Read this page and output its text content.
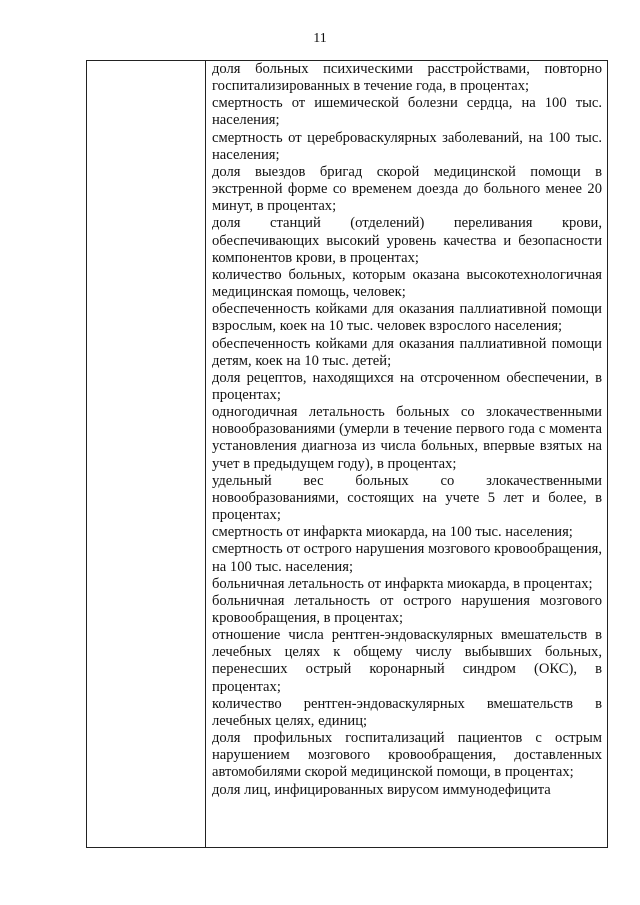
11

доля больных психическими расстройствами, повторно госпитализированных в течение года, в процентах;

смертность от ишемической болезни сердца, на 100 тыс. населения;

смертность от цереброваскулярных заболеваний, на 100 тыс. населения;

доля выездов бригад скорой медицинской помощи в экстренной форме со временем доезда до больного менее 20 минут, в процентах;

доля станций (отделений) переливания крови, обеспечивающих высокий уровень качества и безопасности компонентов крови, в процентах;

количество больных, которым оказана высокотехнологичная медицинская помощь, человек;

обеспеченность койками для оказания паллиативной помощи взрослым, коек на 10 тыс. человек взрослого населения;

обеспеченность койками для оказания паллиативной помощи детям, коек на 10 тыс. детей;

доля рецептов, находящихся на отсроченном обеспечении, в процентах;

одногодичная летальность больных со злокачественными новообразованиями (умерли в течение первого года с момента установления диагноза из числа больных, впервые взятых на учет в предыдущем году), в процентах;

удельный вес больных со злокачественными новообразованиями, состоящих на учете 5 лет и более, в процентах;

смертность от инфаркта миокарда, на 100 тыс. населения;

смертность от острого нарушения мозгового кровообращения, на 100 тыс. населения;

больничная летальность от инфаркта миокарда, в процентах;

больничная летальность от острого нарушения мозгового кровообращения, в процентах;

отношение числа рентген-эндоваскулярных вмешательств в лечебных целях к общему числу выбывших больных, перенесших острый коронарный синдром (ОКС), в процентах;

количество рентген-эндоваскулярных вмешательств в лечебных целях, единиц;

доля профильных госпитализаций пациентов с острым нарушением мозгового кровообращения, доставленных автомобилями скорой медицинской помощи, в процентах;

доля лиц, инфицированных вирусом иммунодефицита
